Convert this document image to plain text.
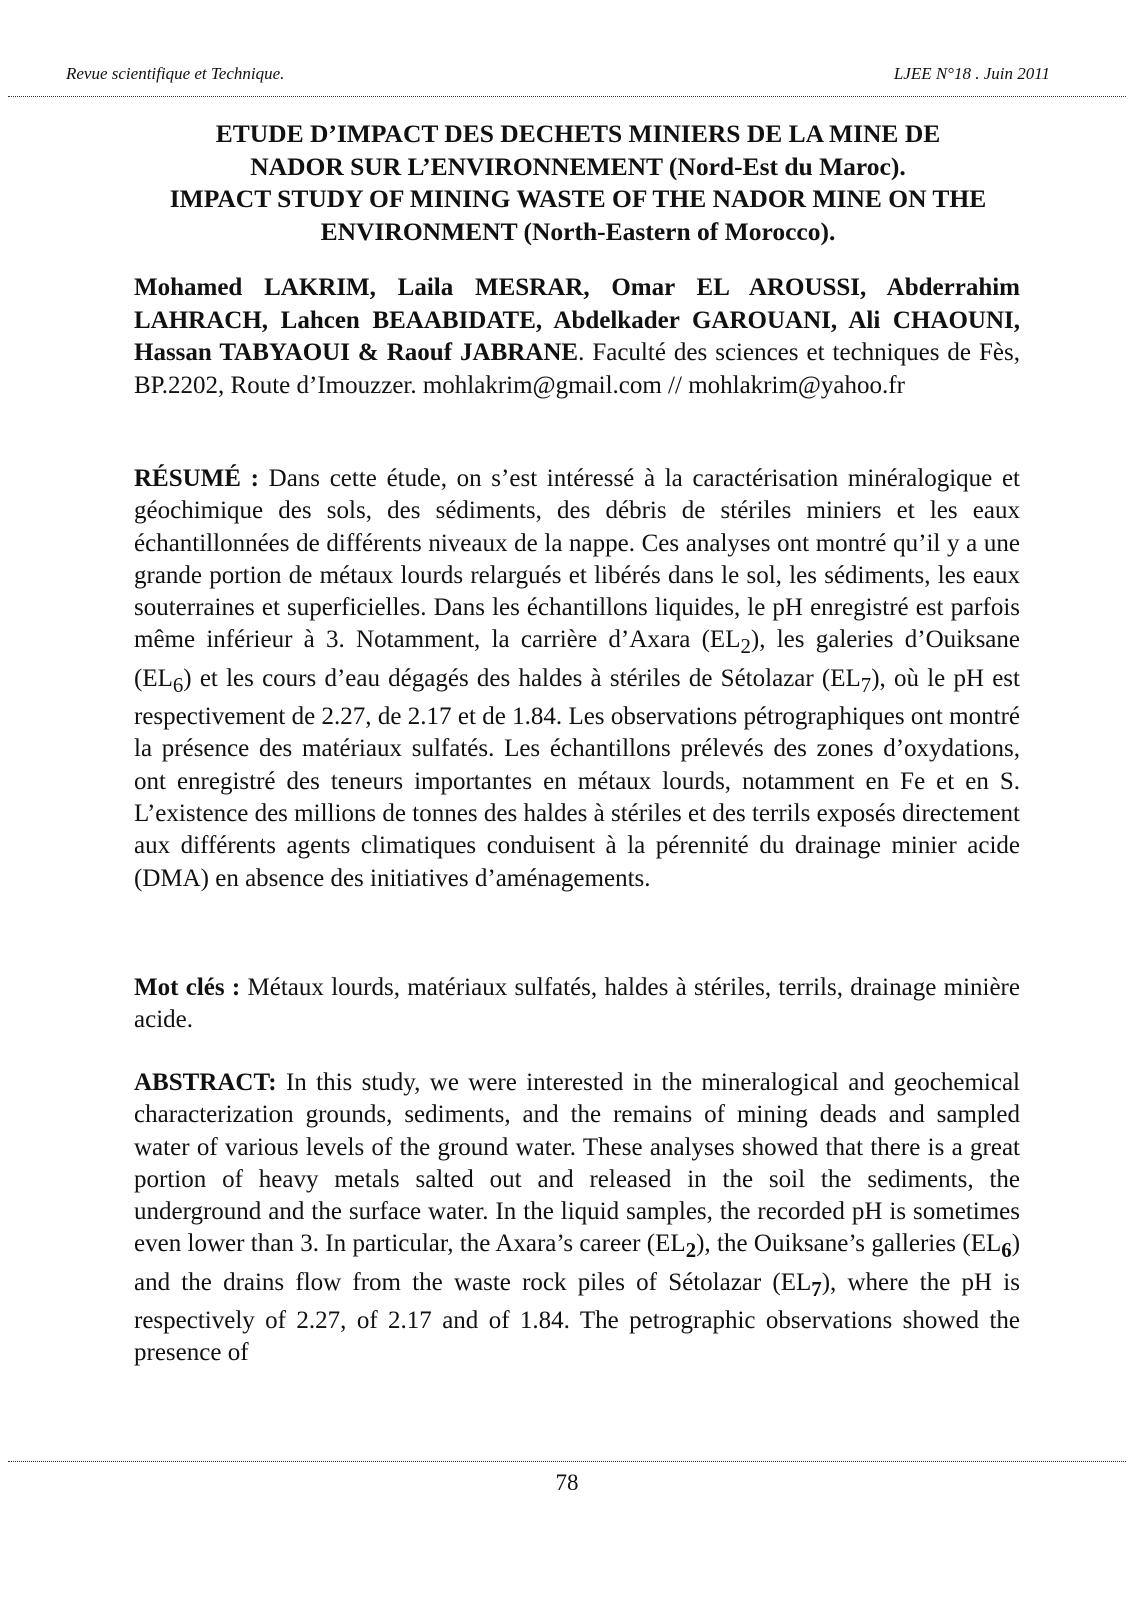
Revue scientifique et Technique.	LJEE N°18 . Juin 2011

ETUDE D’IMPACT DES DECHETS MINIERS DE LA MINE DE

NADOR SUR L’ENVIRONNEMENT (Nord-Est du Maroc).

IMPACT STUDY OF MINING WASTE OF THE NADOR MINE ON THE

ENVIRONMENT (North-Eastern of Morocco).

Mohamed LAKRIM, Laila MESRAR, Omar EL AROUSSI, Abderrahim LAHRACH, Lahcen BEAABIDATE, Abdelkader GAROUANI, Ali CHAOUNI, Hassan TABYAOUI & Raouf JABRANE. Faculté des sciences et techniques de Fès, BP.2202, Route d’Imouzzer. mohlakrim@gmail.com // mohlakrim@yahoo.fr

RÉSUMÉ : Dans cette étude, on s’est intéressé à la caractérisation minéralogique et géochimique des sols, des sédiments, des débris de stériles miniers et les eaux échantillonnées de différents niveaux de la nappe. Ces analyses ont montré qu’il y a une grande portion de métaux lourds relargués et libérés dans le sol, les sédiments, les eaux souterraines et superficielles. Dans les échantillons liquides, le pH enregistré est parfois même inférieur à 3. Notamment, la carrière d’Axara $(EL_2)$, les galeries d’Ouiksane $(EL_6)$ et les cours d’eau dégagés des haldes à stériles de Sétolazar $(EL_7)$, où le pH est respectivement de 2.27, de 2.17 et de 1.84. Les observations pétrographiques ont montré la présence des matériaux sulfatés. Les échantillons prélevés des zones d’oxydations, ont enregistré des teneurs importantes en métaux lourds, notamment en Fe et en S. L’existence des millions de tonnes des haldes à stériles et des terrils exposés directement aux différents agents climatiques conduisent à la pérennité du drainage minier acide (DMA) en absence des initiatives d’aménagements.

Mot clés : Métaux lourds, matériaux sulfatés, haldes à stériles, terrils, drainage minière acide.

ABSTRACT: In this study, we were interested in the mineralogical and geochemical characterization grounds, sediments, and the remains of mining deads and sampled water of various levels of the ground water. These analyses showed that there is a great portion of heavy metals salted out and released in the soil the sediments, the underground and the surface water. In the liquid samples, the recorded pH is sometimes even lower than 3. In particular, the Axara’s career $(EL_2)$, the Ouiksane’s galleries $(EL_6)$ and the drains flow from the waste rock piles of Sétolazar $(EL_7)$, where the pH is respectively of 2.27, of 2.17 and of 1.84. The petrographic observations showed the presence of

78
